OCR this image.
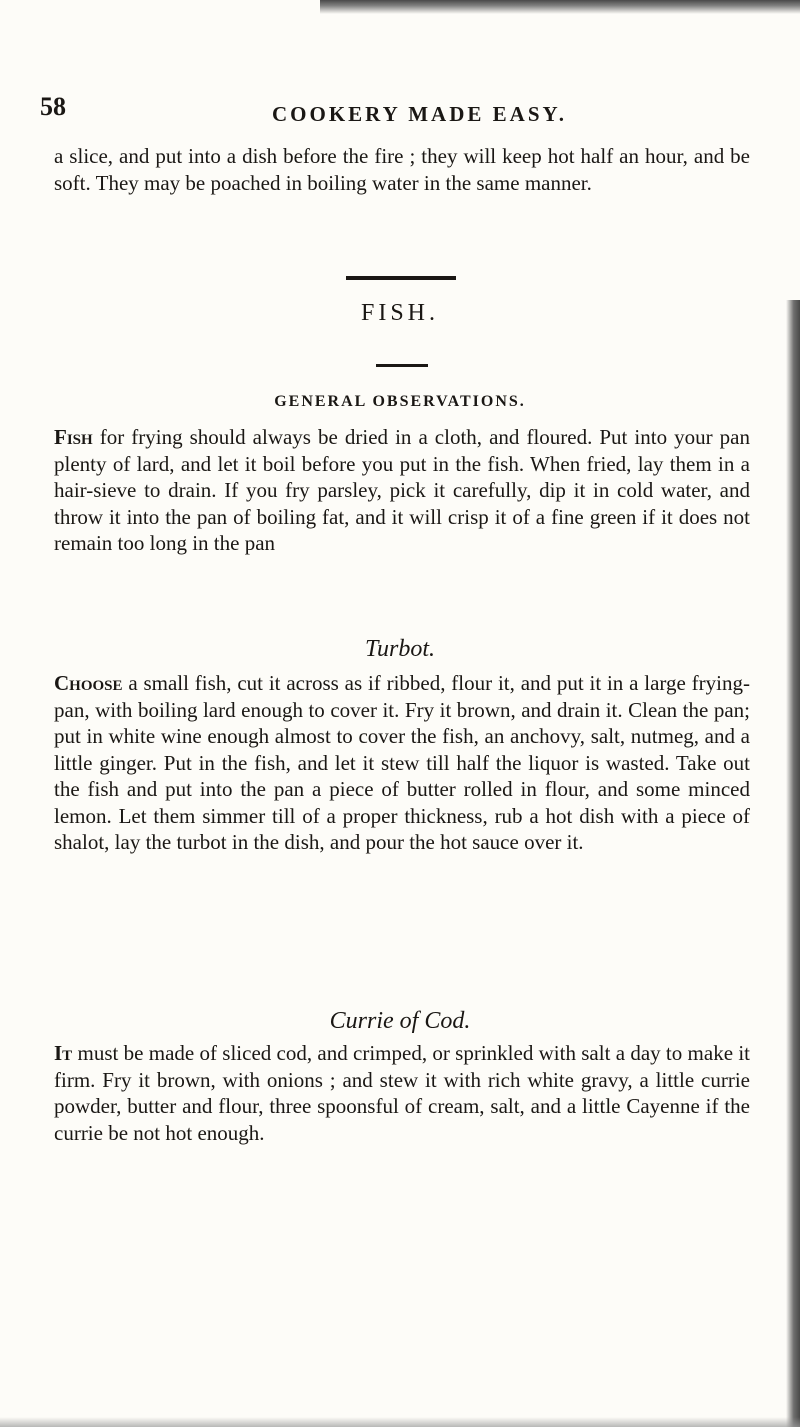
58	COOKERY MADE EASY.

a slice, and put into a dish before the fire ; they will keep hot half an hour, and be soft. They may be poached in boiling water in the same manner.

FISH.
GENERAL OBSERVATIONS.

Fish for frying should always be dried in a cloth, and floured. Put into your pan plenty of lard, and let it boil before you put in the fish. When fried, lay them in a hair-sieve to drain. If you fry parsley, pick it carefully, dip it in cold water, and throw it into the pan of boiling fat, and it will crisp it of a fine green if it does not remain too long in the pan

Turbot.

Choose a small fish, cut it across as if ribbed, flour it, and put it in a large frying-pan, with boiling lard enough to cover it. Fry it brown, and drain it. Clean the pan; put in white wine enough almost to cover the fish, an anchovy, salt, nutmeg, and a little ginger. Put in the fish, and let it stew till half the liquor is wasted. Take out the fish and put into the pan a piece of butter rolled in flour, and some minced lemon. Let them simmer till of a proper thickness, rub a hot dish with a piece of shalot, lay the turbot in the dish, and pour the hot sauce over it.

Currie of Cod.

It must be made of sliced cod, and crimped, or sprinkled with salt a day to make it firm. Fry it brown, with onions ; and stew it with rich white gravy, a little currie powder, butter and flour, three spoonsful of cream, salt, and a little Cayenne if the currie be not hot enough.
